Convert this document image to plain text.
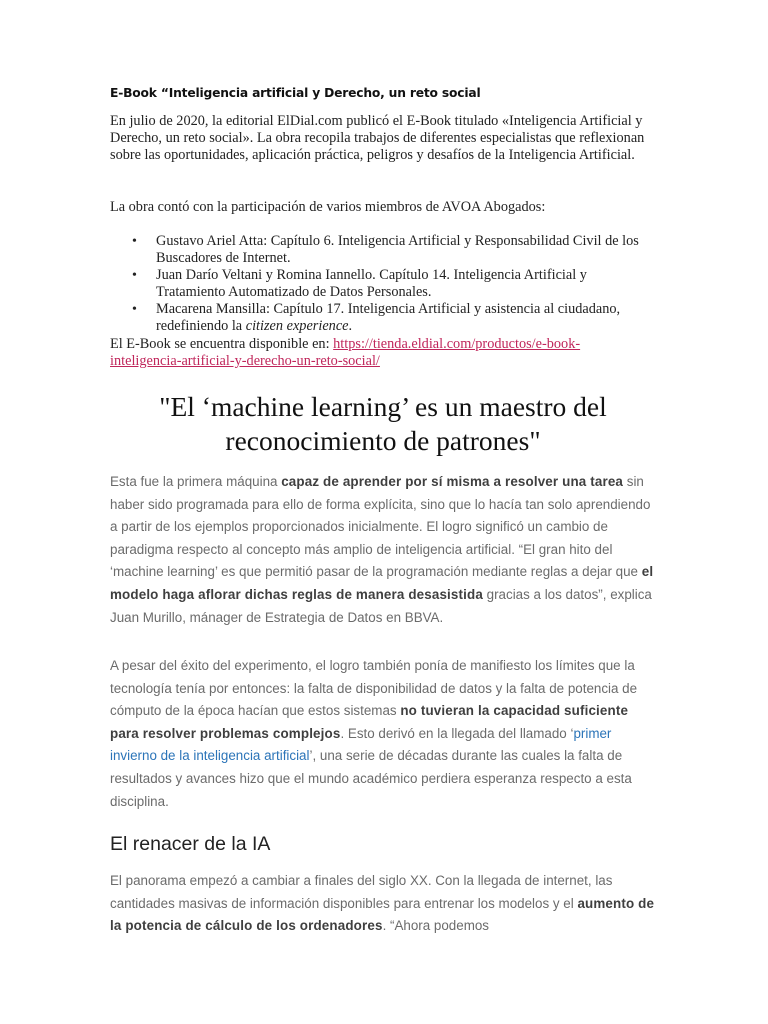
E-Book “Inteligencia artificial y Derecho, un reto social
En julio de 2020, la editorial ElDial.com publicó el E-Book titulado «Inteligencia Artificial y Derecho, un reto social». La obra recopila trabajos de diferentes especialistas que reflexionan sobre las oportunidades, aplicación práctica, peligros y desafíos de la Inteligencia Artificial.
La obra contó con la participación de varios miembros de AVOA Abogados:
• Gustavo Ariel Atta: Capítulo 6. Inteligencia Artificial y Responsabilidad Civil de los Buscadores de Internet.
• Juan Darío Veltani y Romina Iannello. Capítulo 14. Inteligencia Artificial y Tratamiento Automatizado de Datos Personales.
• Macarena Mansilla: Capítulo 17. Inteligencia Artificial y asistencia al ciudadano, redefiniendo la citizen experience.
El E-Book se encuentra disponible en: https://tienda.eldial.com/productos/e-book-inteligencia-artificial-y-derecho-un-reto-social/
"El ‘machine learning’ es un maestro del reconocimiento de patrones"
Esta fue la primera máquina capaz de aprender por sí misma a resolver una tarea sin haber sido programada para ello de forma explícita, sino que lo hacía tan solo aprendiendo a partir de los ejemplos proporcionados inicialmente. El logro significó un cambio de paradigma respecto al concepto más amplio de inteligencia artificial. “El gran hito del ‘machine learning’ es que permitió pasar de la programación mediante reglas a dejar que el modelo haga aflorar dichas reglas de manera desasistida gracias a los datos”, explica Juan Murillo, mánager de Estrategia de Datos en BBVA.
A pesar del éxito del experimento, el logro también ponía de manifiesto los límites que la tecnología tenía por entonces: la falta de disponibilidad de datos y la falta de potencia de cómputo de la época hacían que estos sistemas no tuvieran la capacidad suficiente para resolver problemas complejos. Esto derivó en la llegada del llamado ‘primer invierno de la inteligencia artificial’, una serie de décadas durante las cuales la falta de resultados y avances hizo que el mundo académico perdiera esperanza respecto a esta disciplina.
El renacer de la IA
El panorama empezó a cambiar a finales del siglo XX. Con la llegada de internet, las cantidades masivas de información disponibles para entrenar los modelos y el aumento de la potencia de cálculo de los ordenadores. “Ahora podemos
